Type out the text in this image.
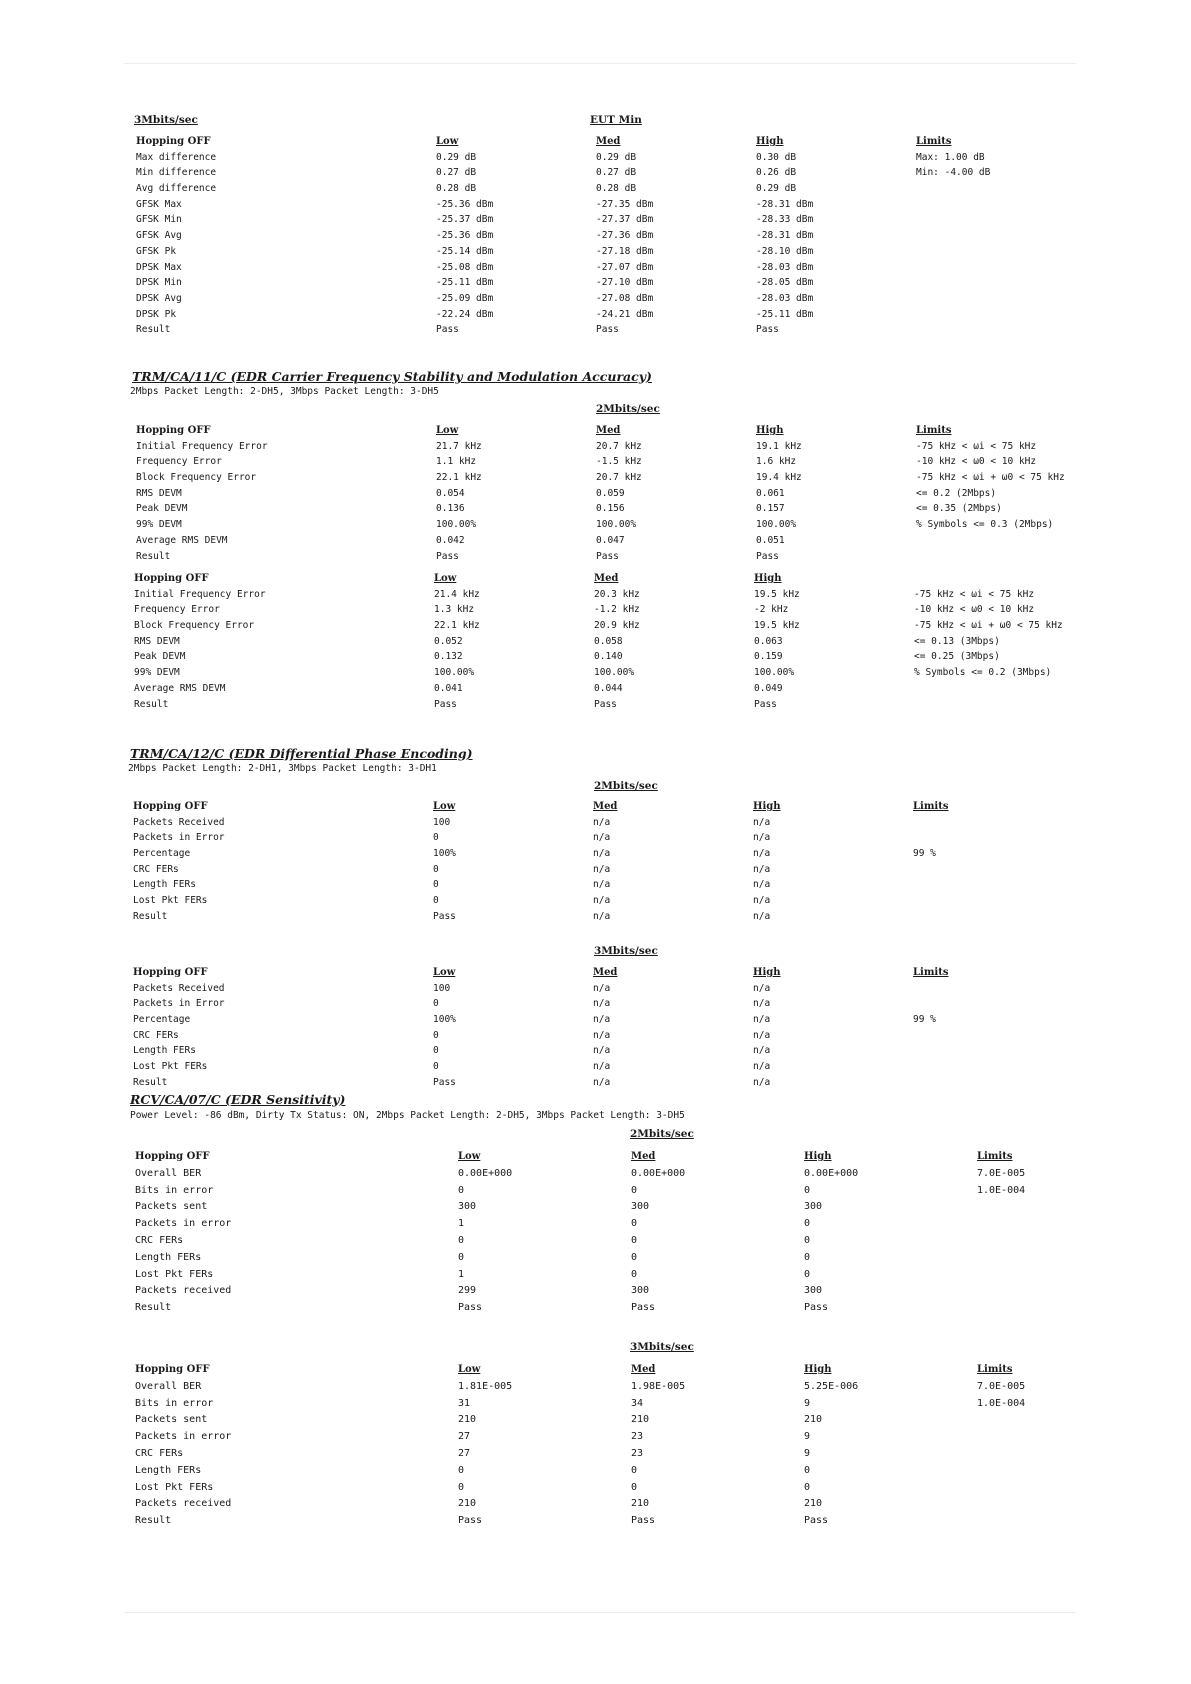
3Mbits/sec	EUT Min
Hopping OFF	Low	Med	High	Limits
Max difference	0.29 dB	0.29 dB	0.30 dB	Max: 1.00 dB
Min difference	0.27 dB	0.27 dB	0.26 dB	Min: -4.00 dB
Avg difference	0.28 dB	0.28 dB	0.29 dB
GFSK Max	-25.36 dBm	-27.35 dBm	-28.31 dBm
GFSK Min	-25.37 dBm	-27.37 dBm	-28.33 dBm
GFSK Avg	-25.36 dBm	-27.36 dBm	-28.31 dBm
GFSK Pk	-25.14 dBm	-27.18 dBm	-28.10 dBm
DPSK Max	-25.08 dBm	-27.07 dBm	-28.03 dBm
DPSK Min	-25.11 dBm	-27.10 dBm	-28.05 dBm
DPSK Avg	-25.09 dBm	-27.08 dBm	-28.03 dBm
DPSK Pk	-22.24 dBm	-24.21 dBm	-25.11 dBm
Result	Pass	Pass	Pass
TRM/CA/11/C (EDR Carrier Frequency Stability and Modulation Accuracy)
2Mbps Packet Length: 2-DH5, 3Mbps Packet Length: 3-DH5
2Mbits/sec
Hopping OFF	Low	Med	High	Limits
Initial Frequency Error	21.7 kHz	20.7 kHz	19.1 kHz	-75 kHz < ωi < 75 kHz
Frequency Error	1.1 kHz	-1.5 kHz	1.6 kHz	-10 kHz < ω0 < 10 kHz
Block Frequency Error	22.1 kHz	20.7 kHz	19.4 kHz	-75 kHz < ωi + ω0 < 75 kHz
RMS DEVM	0.054	0.059	0.061	<= 0.2 (2Mbps)
Peak DEVM	0.136	0.156	0.157	<= 0.35 (2Mbps)
99% DEVM	100.00%	100.00%	100.00%	% Symbols <= 0.3 (2Mbps)
Average RMS DEVM	0.042	0.047	0.051
Result	Pass	Pass	Pass
Hopping OFF	Low	Med	High
Initial Frequency Error	21.4 kHz	20.3 kHz	19.5 kHz	-75 kHz < ωi < 75 kHz
Frequency Error	1.3 kHz	-1.2 kHz	-2 kHz	-10 kHz < ω0 < 10 kHz
Block Frequency Error	22.1 kHz	20.9 kHz	19.5 kHz	-75 kHz < ωi + ω0 < 75 kHz
RMS DEVM	0.052	0.058	0.063	<= 0.13 (3Mbps)
Peak DEVM	0.132	0.140	0.159	<= 0.25 (3Mbps)
99% DEVM	100.00%	100.00%	100.00%	% Symbols <= 0.2 (3Mbps)
Average RMS DEVM	0.041	0.044	0.049
Result	Pass	Pass	Pass
TRM/CA/12/C (EDR Differential Phase Encoding)
2Mbps Packet Length: 2-DH1, 3Mbps Packet Length: 3-DH1
2Mbits/sec
Hopping OFF	Low	Med	High	Limits
Packets Received	100	n/a	n/a
Packets in Error	0	n/a	n/a
Percentage	100%	n/a	n/a	99 %
CRC FERs	0	n/a	n/a
Length FERs	0	n/a	n/a
Lost Pkt FERs	0	n/a	n/a
Result	Pass	n/a	n/a
3Mbits/sec
Hopping OFF	Low	Med	High	Limits
Packets Received	100	n/a	n/a
Packets in Error	0	n/a	n/a
Percentage	100%	n/a	n/a	99 %
CRC FERs	0	n/a	n/a
Length FERs	0	n/a	n/a
Lost Pkt FERs	0	n/a	n/a
Result	Pass	n/a	n/a
RCV/CA/07/C (EDR Sensitivity)
Power Level: -86 dBm, Dirty Tx Status: ON, 2Mbps Packet Length: 2-DH5, 3Mbps Packet Length: 3-DH5
2Mbits/sec
Hopping OFF	Low	Med	High	Limits
Overall BER	0.00E+000	0.00E+000	0.00E+000	7.0E-005
Bits in error	0	0	0	1.0E-004
Packets sent	300	300	300
Packets in error	1	0	0
CRC FERs	0	0	0
Length FERs	0	0	0
Lost Pkt FERs	1	0	0
Packets received	299	300	300
Result	Pass	Pass	Pass
3Mbits/sec
Hopping OFF	Low	Med	High	Limits
Overall BER	1.81E-005	1.98E-005	5.25E-006	7.0E-005
Bits in error	31	34	9	1.0E-004
Packets sent	210	210	210
Packets in error	27	23	9
CRC FERs	27	23	9
Length FERs	0	0	0
Lost Pkt FERs	0	0	0
Packets received	210	210	210
Result	Pass	Pass	Pass
